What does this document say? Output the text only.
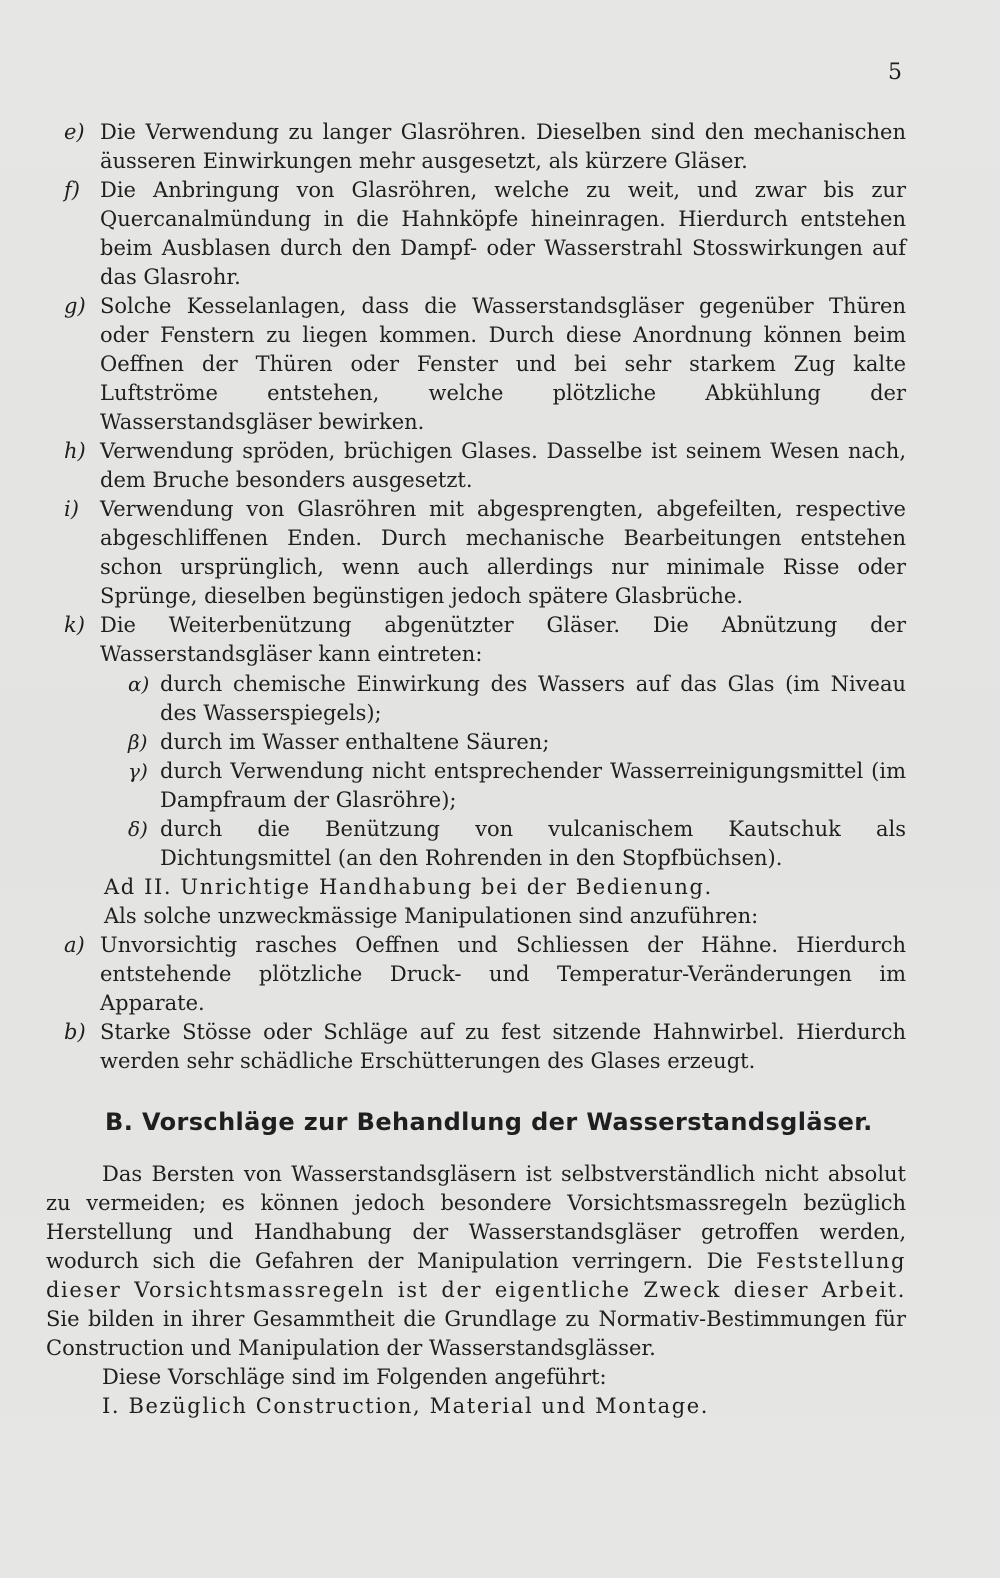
5
e) Die Verwendung zu langer Glasröhren. Dieselben sind den mechanischen äusseren Einwirkungen mehr ausgesetzt, als kürzere Gläser.

f) Die Anbringung von Glasröhren, welche zu weit, und zwar bis zur Quercanalmündung in die Hahnköpfe hineinragen. Hierdurch entstehen beim Ausblasen durch den Dampf- oder Wasserstrahl Stosswirkungen auf das Glasrohr.

g) Solche Kesselanlagen, dass die Wasserstandsgläser gegenüber Thüren oder Fenstern zu liegen kommen. Durch diese Anordnung können beim Oeffnen der Thüren oder Fenster und bei sehr starkem Zug kalte Luftströme entstehen, welche plötzliche Abkühlung der Wasserstandsgläser bewirken.

h) Verwendung spröden, brüchigen Glases. Dasselbe ist seinem Wesen nach, dem Bruche besonders ausgesetzt.

i)	Verwendung von Glasröhren mit abgesprengten, abgefeilten, respective abgeschliffenen Enden. Durch mechanische Bearbeitungen entstehen schon ursprünglich, wenn auch allerdings nur minimale Risse oder Sprünge, dieselben begünstigen jedoch spätere Glasbrüche.

k) Die Weiterbenützung abgenützter Gläser. Die Abnützung der Wasserstandsgläser kann eintreten:

α) durch chemische Einwirkung des Wassers auf das Glas (im Niveau des Wasserspiegels);

β) durch im Wasser enthaltene Säuren;

γ) durch Verwendung nicht entsprechender Wasserreinigungsmittel (im Dampfraum der Glasröhre);

δ) durch die Benützung von vulcanischem Kautschuk als Dichtungsmittel (an den Rohrenden in den Stopfbüchsen).

Ad II. Unrichtige Handhabung bei der Bedienung.

Als solche unzweckmässige Manipulationen sind anzuführen:

a) Unvorsichtig rasches Oeffnen und Schliessen der Hähne. Hierdurch entstehende plötzliche Druck- und Temperatur-Veränderungen im Apparate.

b) Starke Stösse oder Schläge auf zu fest sitzende Hahnwirbel. Hierdurch werden sehr schädliche Erschütterungen des Glases erzeugt.

B. Vorschläge zur Behandlung der Wasserstandsgläser.

Das Bersten von Wasserstandsgläsern ist selbstverständlich nicht absolut zu vermeiden; es können jedoch besondere Vorsichtsmassregeln bezüglich Herstellung und Handhabung der Wasserstandsgläser getroffen werden, wodurch sich die Gefahren der Manipulation verringern. Die Feststellung dieser Vorsichtsmassregeln ist der eigentliche Zweck dieser Arbeit. Sie bilden in ihrer Gesammtheit die Grundlage zu Normativ-Bestimmungen für Construction und Manipulation der Wasserstandsglässer.

Diese Vorschläge sind im Folgenden angeführt:

I. Bezüglich Construction, Material und Montage.
